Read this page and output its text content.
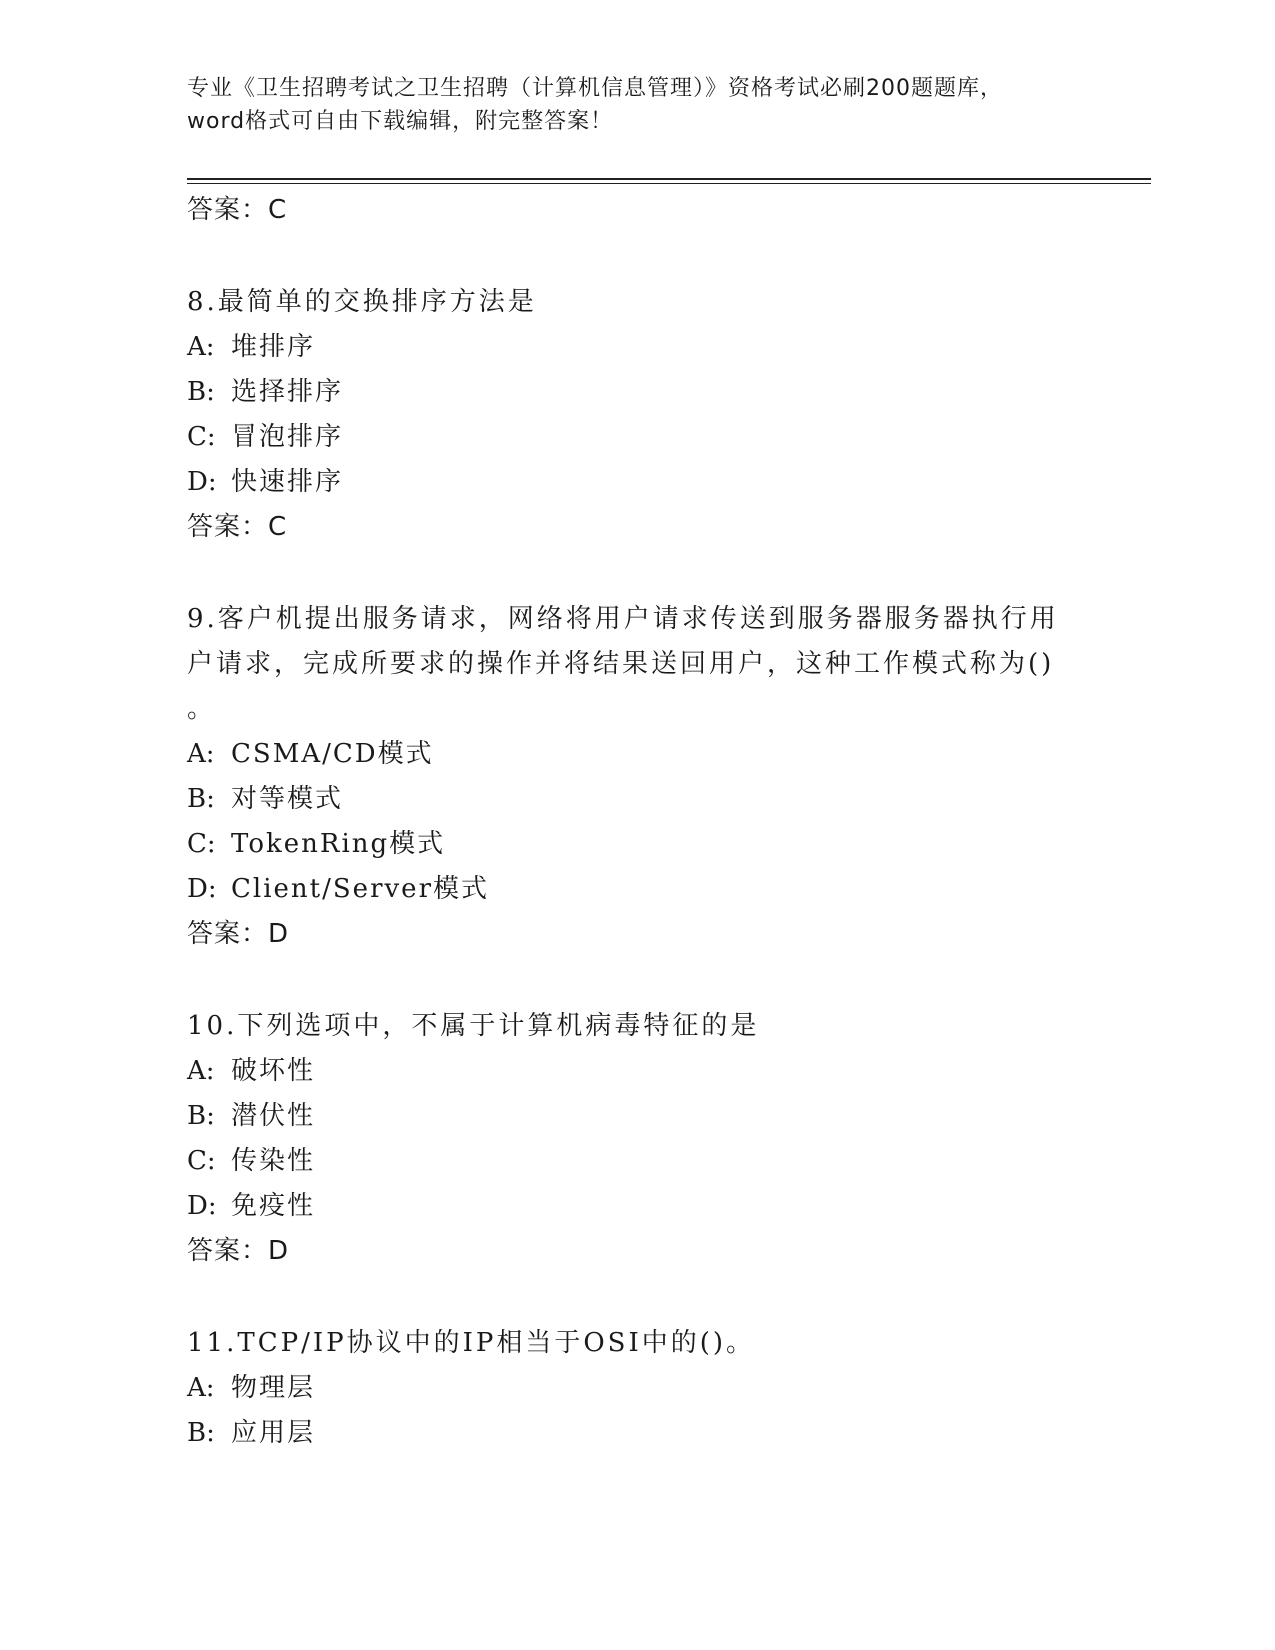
专业《卫生招聘考试之卫生招聘（计算机信息管理）》资格考试必刷200题题库，
word格式可自由下载编辑，附完整答案！
答案：C
8.最简单的交换排序方法是
A: 堆排序
B: 选择排序
C: 冒泡排序
D: 快速排序
答案：C
9.客户机提出服务请求，网络将用户请求传送到服务器服务器执行用
户请求，完成所要求的操作并将结果送回用户，这种工作模式称为()
。
A: CSMA/CD模式
B: 对等模式
C: TokenRing模式
D: Client/Server模式
答案：D
10.下列选项中，不属于计算机病毒特征的是
A: 破坏性
B: 潜伏性
C: 传染性
D: 免疫性
答案：D
11.TCP/IP协议中的IP相当于OSI中的()。
A: 物理层
B: 应用层
